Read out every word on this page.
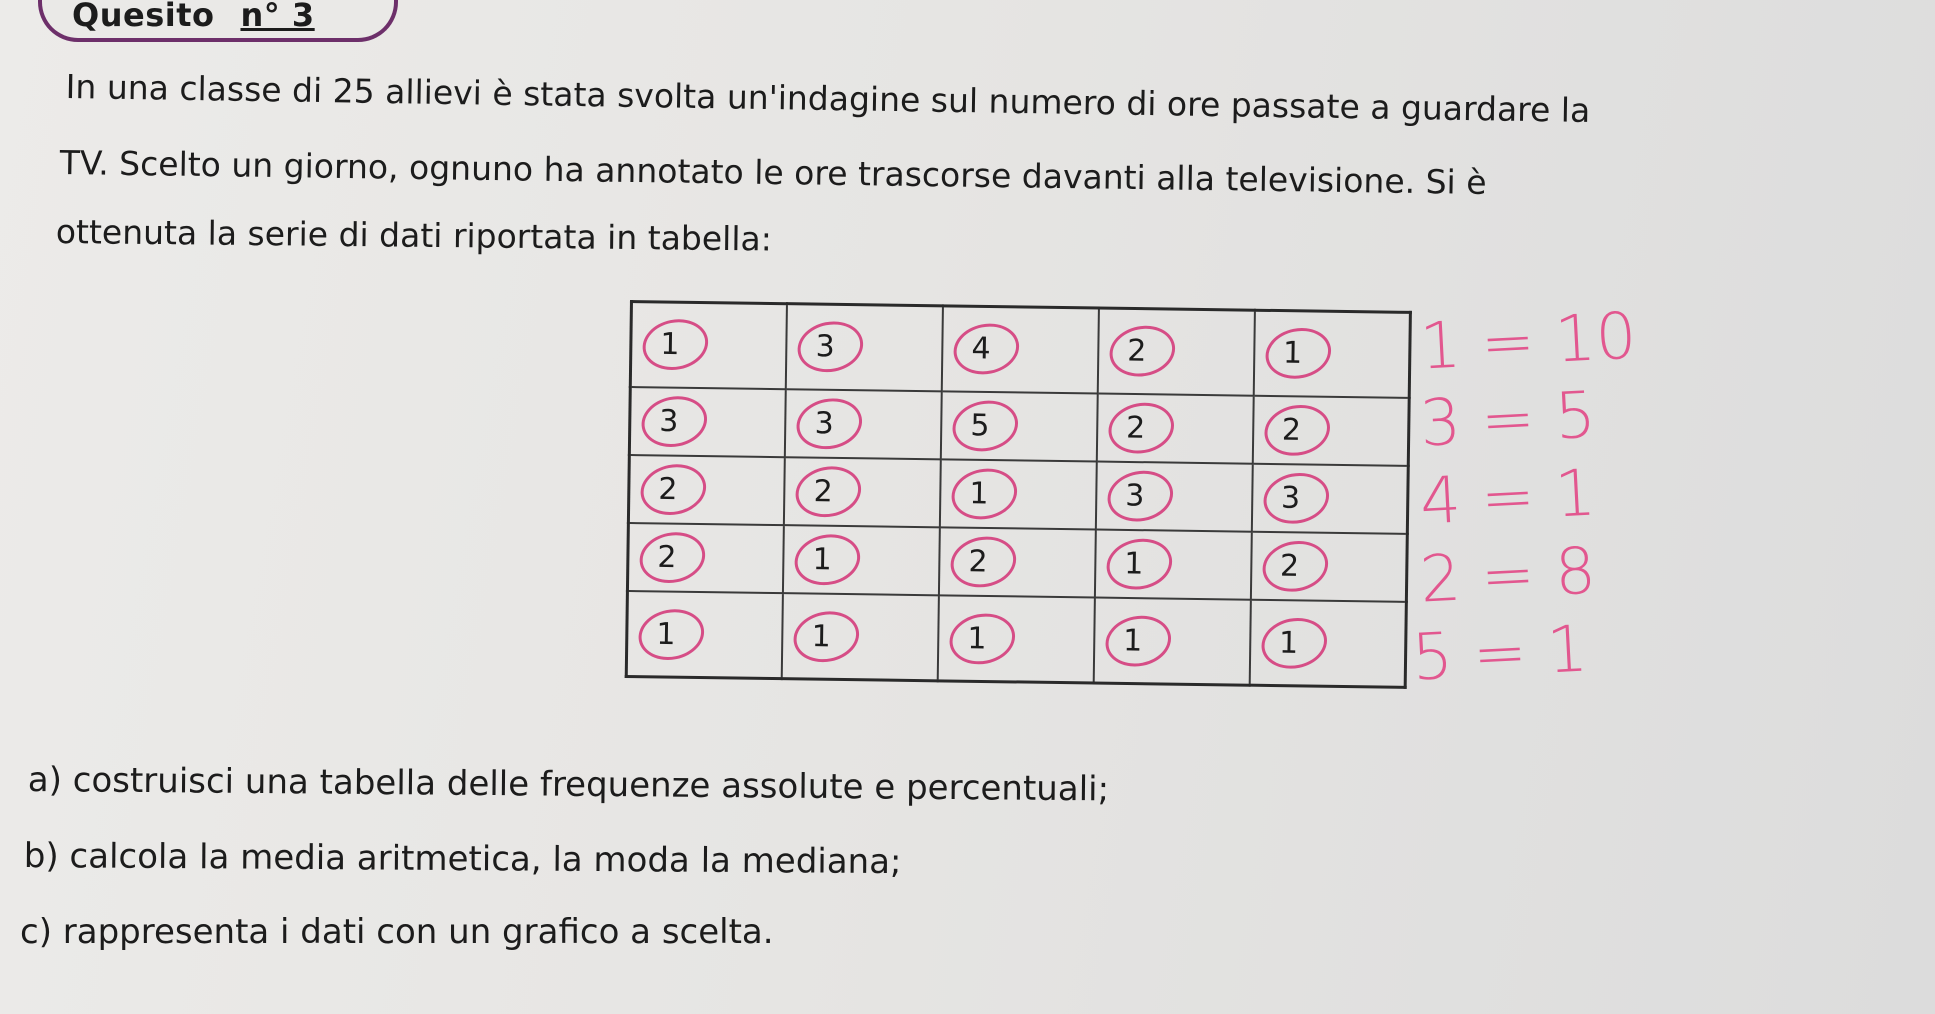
Quesito n° 3
In una classe di 25 allievi è stata svolta un'indagine sul numero di ore passate a guardare la
TV. Scelto un giorno, ognuno ha annotato le ore trascorse davanti alla televisione. Si è
ottenuta la serie di dati riportata in tabella:
1	3	4	2	1

3	3	5	2	2

2	2	1	3	3

2	1	2	1	2

1	1	1	1	1
1 = 10
3 = 5
4 = 1
2 = 8
5 = 1
a) costruisci una tabella delle frequenze assolute e percentuali;
b) calcola la media aritmetica, la moda la mediana;
c) rappresenta i dati con un grafico a scelta.
